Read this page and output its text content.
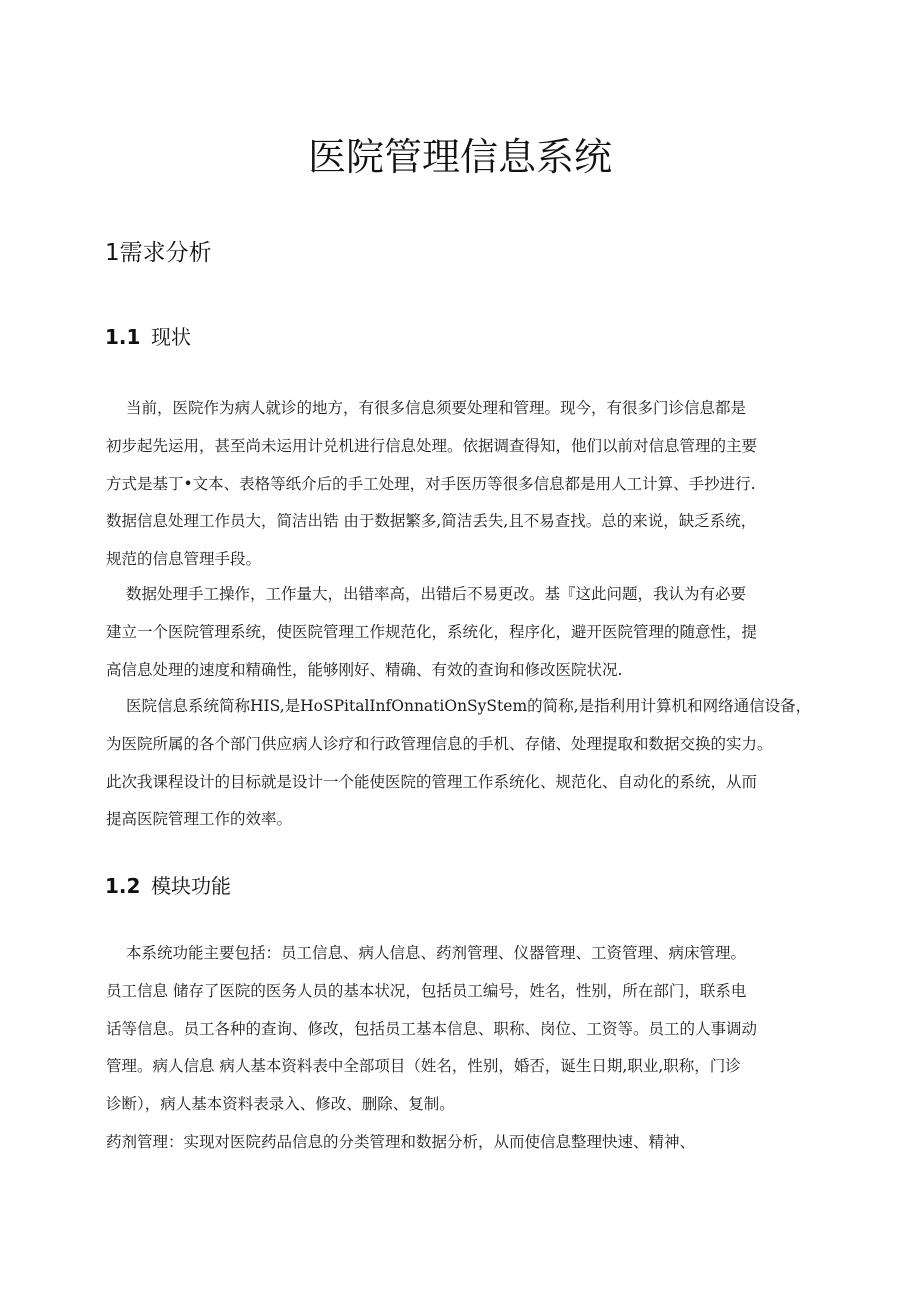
医院管理信息系统
1需求分析
1.1 现状
当前，医院作为病人就诊的地方，有很多信息须要处理和管理。现今，有很多门诊信息都是
初步起先运用，甚至尚未运用计兑机进行信息处理。依据调查得知，他们以前对信息管理的主要
方式是基丁•文本、表格等纸介后的手工处理，对手医历等很多信息都是用人工计算、手抄进行.
数据信息处理工作员大，简洁出锆 由于数据繁多,简洁丢失,且不易查找。总的来说，缺乏系统，
规范的信息管理手段。
数据处理手工操作，工作量大，出错率高，出错后不易更改。基『这此问题，我认为有必要
建立一个医院管理系统，使医院管理工作规范化，系统化，程序化，避开医院管理的随意性，提
高信息处理的速度和精确性，能够刚好、精确、有效的查询和修改医院状况.
医院信息系统简称HIS,是HoSPitalInfOnnatiOnSyStem的简称,是指利用计算机和网络通信设备，
为医院所属的各个部门供应病人诊疗和行政管理信息的手机、存储、处理提取和数据交换的实力。
此次我课程设计的目标就是设计一个能使医院的管理工作系统化、规范化、自动化的系统，从而
提高医院管理工作的效率。
1.2 模块功能
本系统功能主要包括：员工信息、病人信息、药剂管理、仪器管理、工资管理、病床管理。
员工信息 储存了医院的医务人员的基本状况，包括员工编号，姓名，性别，所在部门，联系电
话等信息。员工各种的查询、修改，包括员工基本信息、职称、岗位、工资等。员工的人事调动
管理。病人信息 病人基本资料表中全部项目（姓名，性别，婚否，诞生日期,职业,职称，门诊
诊断），病人基本资料表录入、修改、删除、复制。
药剂管理：实现对医院药品信息的分类管理和数据分析，从而使信息整理快速、精神、
